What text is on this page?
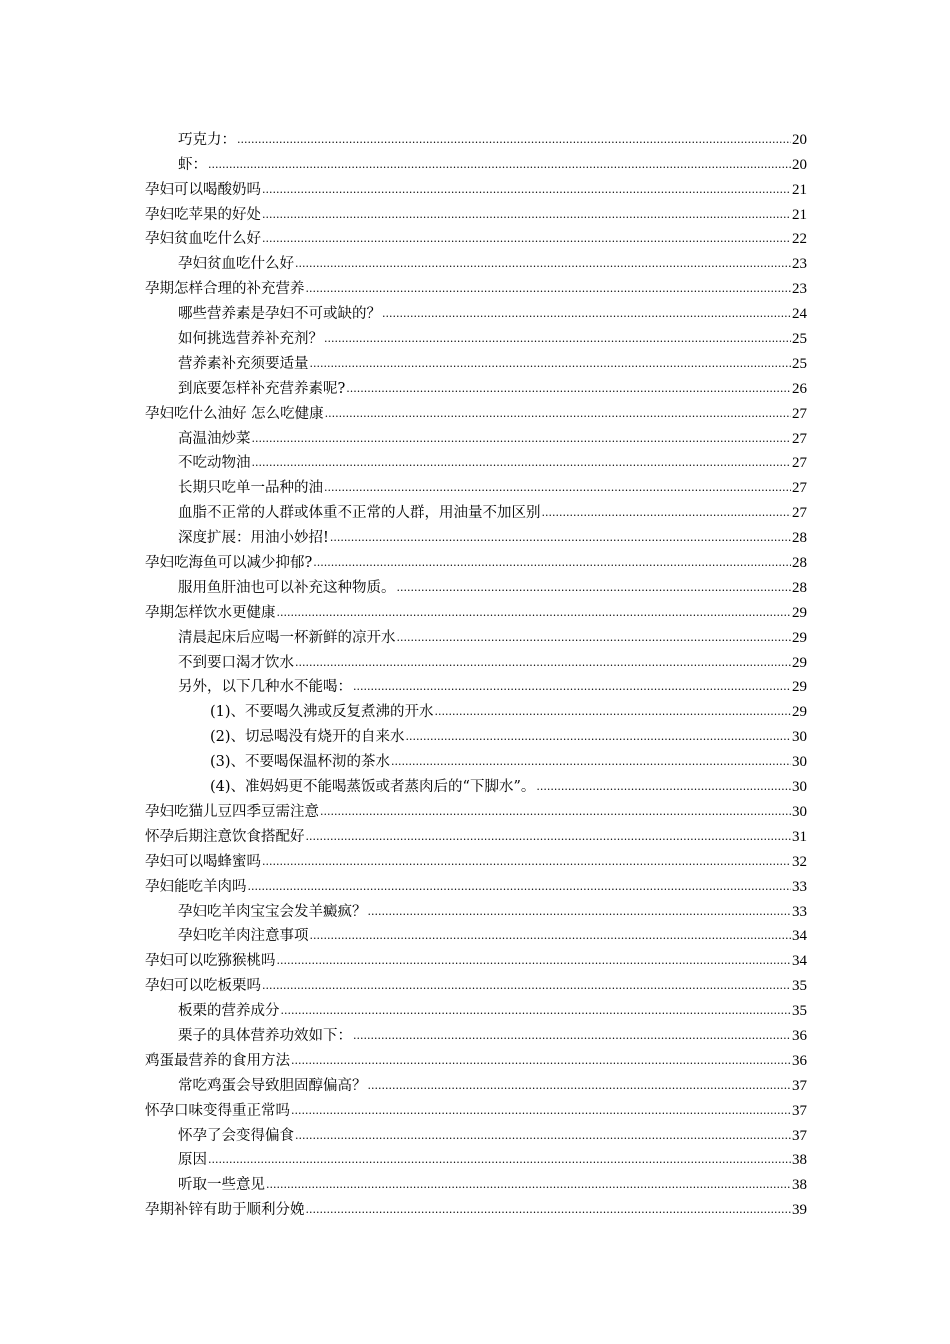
巧克力： .....	20
虾： .....	20
孕妇可以喝酸奶吗 .....	21
孕妇吃苹果的好处 .....	21
孕妇贫血吃什么好 .....	22
孕妇贫血吃什么好 .....	23
孕期怎样合理的补充营养 .....	23
哪些营养素是孕妇不可或缺的？ .....	24
如何挑选营养补充剂？ .....	25
营养素补充须要适量 .....	25
到底要怎样补充营养素呢? .....	26
孕妇吃什么油好 怎么吃健康 .....	27
高温油炒菜 .....	27
不吃动物油 .....	27
长期只吃单一品种的油 .....	27
血脂不正常的人群或体重不正常的人群，用油量不加区别 .....	27
深度扩展：用油小妙招! .....	28
孕妇吃海鱼可以减少抑郁? .....	28
服用鱼肝油也可以补充这种物质。 .....	28
孕期怎样饮水更健康 .....	29
清晨起床后应喝一杯新鲜的凉开水 .....	29
不到要口渴才饮水 .....	29
另外，以下几种水不能喝： .....	29
(1)、不要喝久沸或反复煮沸的开水 .....	29
(2)、切忌喝没有烧开的自来水 .....	30
(3)、不要喝保温杯沏的茶水 .....	30
(4)、准妈妈更不能喝蒸饭或者蒸肉后的“下脚水”。 .....	30
孕妇吃猫儿豆四季豆需注意 .....	30
怀孕后期注意饮食搭配好 .....	31
孕妇可以喝蜂蜜吗 .....	32
孕妇能吃羊肉吗 .....	33
孕妇吃羊肉宝宝会发羊癜疯？ .....	33
孕妇吃羊肉注意事项 .....	34
孕妇可以吃猕猴桃吗 .....	34
孕妇可以吃板栗吗 .....	35
板栗的营养成分 .....	35
栗子的具体营养功效如下： .....	36
鸡蛋最营养的食用方法 .....	36
常吃鸡蛋会导致胆固醇偏高？ .....	37
怀孕口味变得重正常吗 .....	37
怀孕了会变得偏食 .....	37
原因 .....	38
听取一些意见 .....	38
孕期补锌有助于顺利分娩 .....	39
